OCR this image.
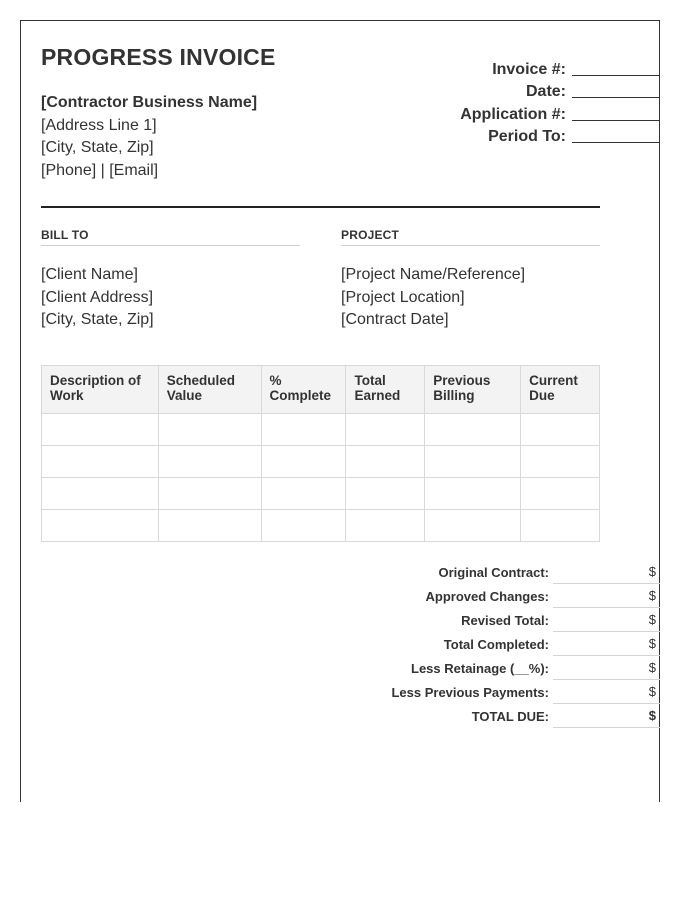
PROGRESS INVOICE
[Contractor Business Name]
[Address Line 1]
[City, State, Zip]
[Phone] | [Email]
Invoice #:
Date:
Application #:
Period To:
BILL TO
[Client Name]
[Client Address]
[City, State, Zip]
PROJECT
[Project Name/Reference]
[Project Location]
[Contract Date]
Description of Work	Scheduled Value	% Complete	Total Earned	Previous Billing	Current Due

Original Contract:	$
Approved Changes:	$
Revised Total:	$
Total Completed:	$
Less Retainage (__%):	$
Less Previous Payments:	$
TOTAL DUE:	$
